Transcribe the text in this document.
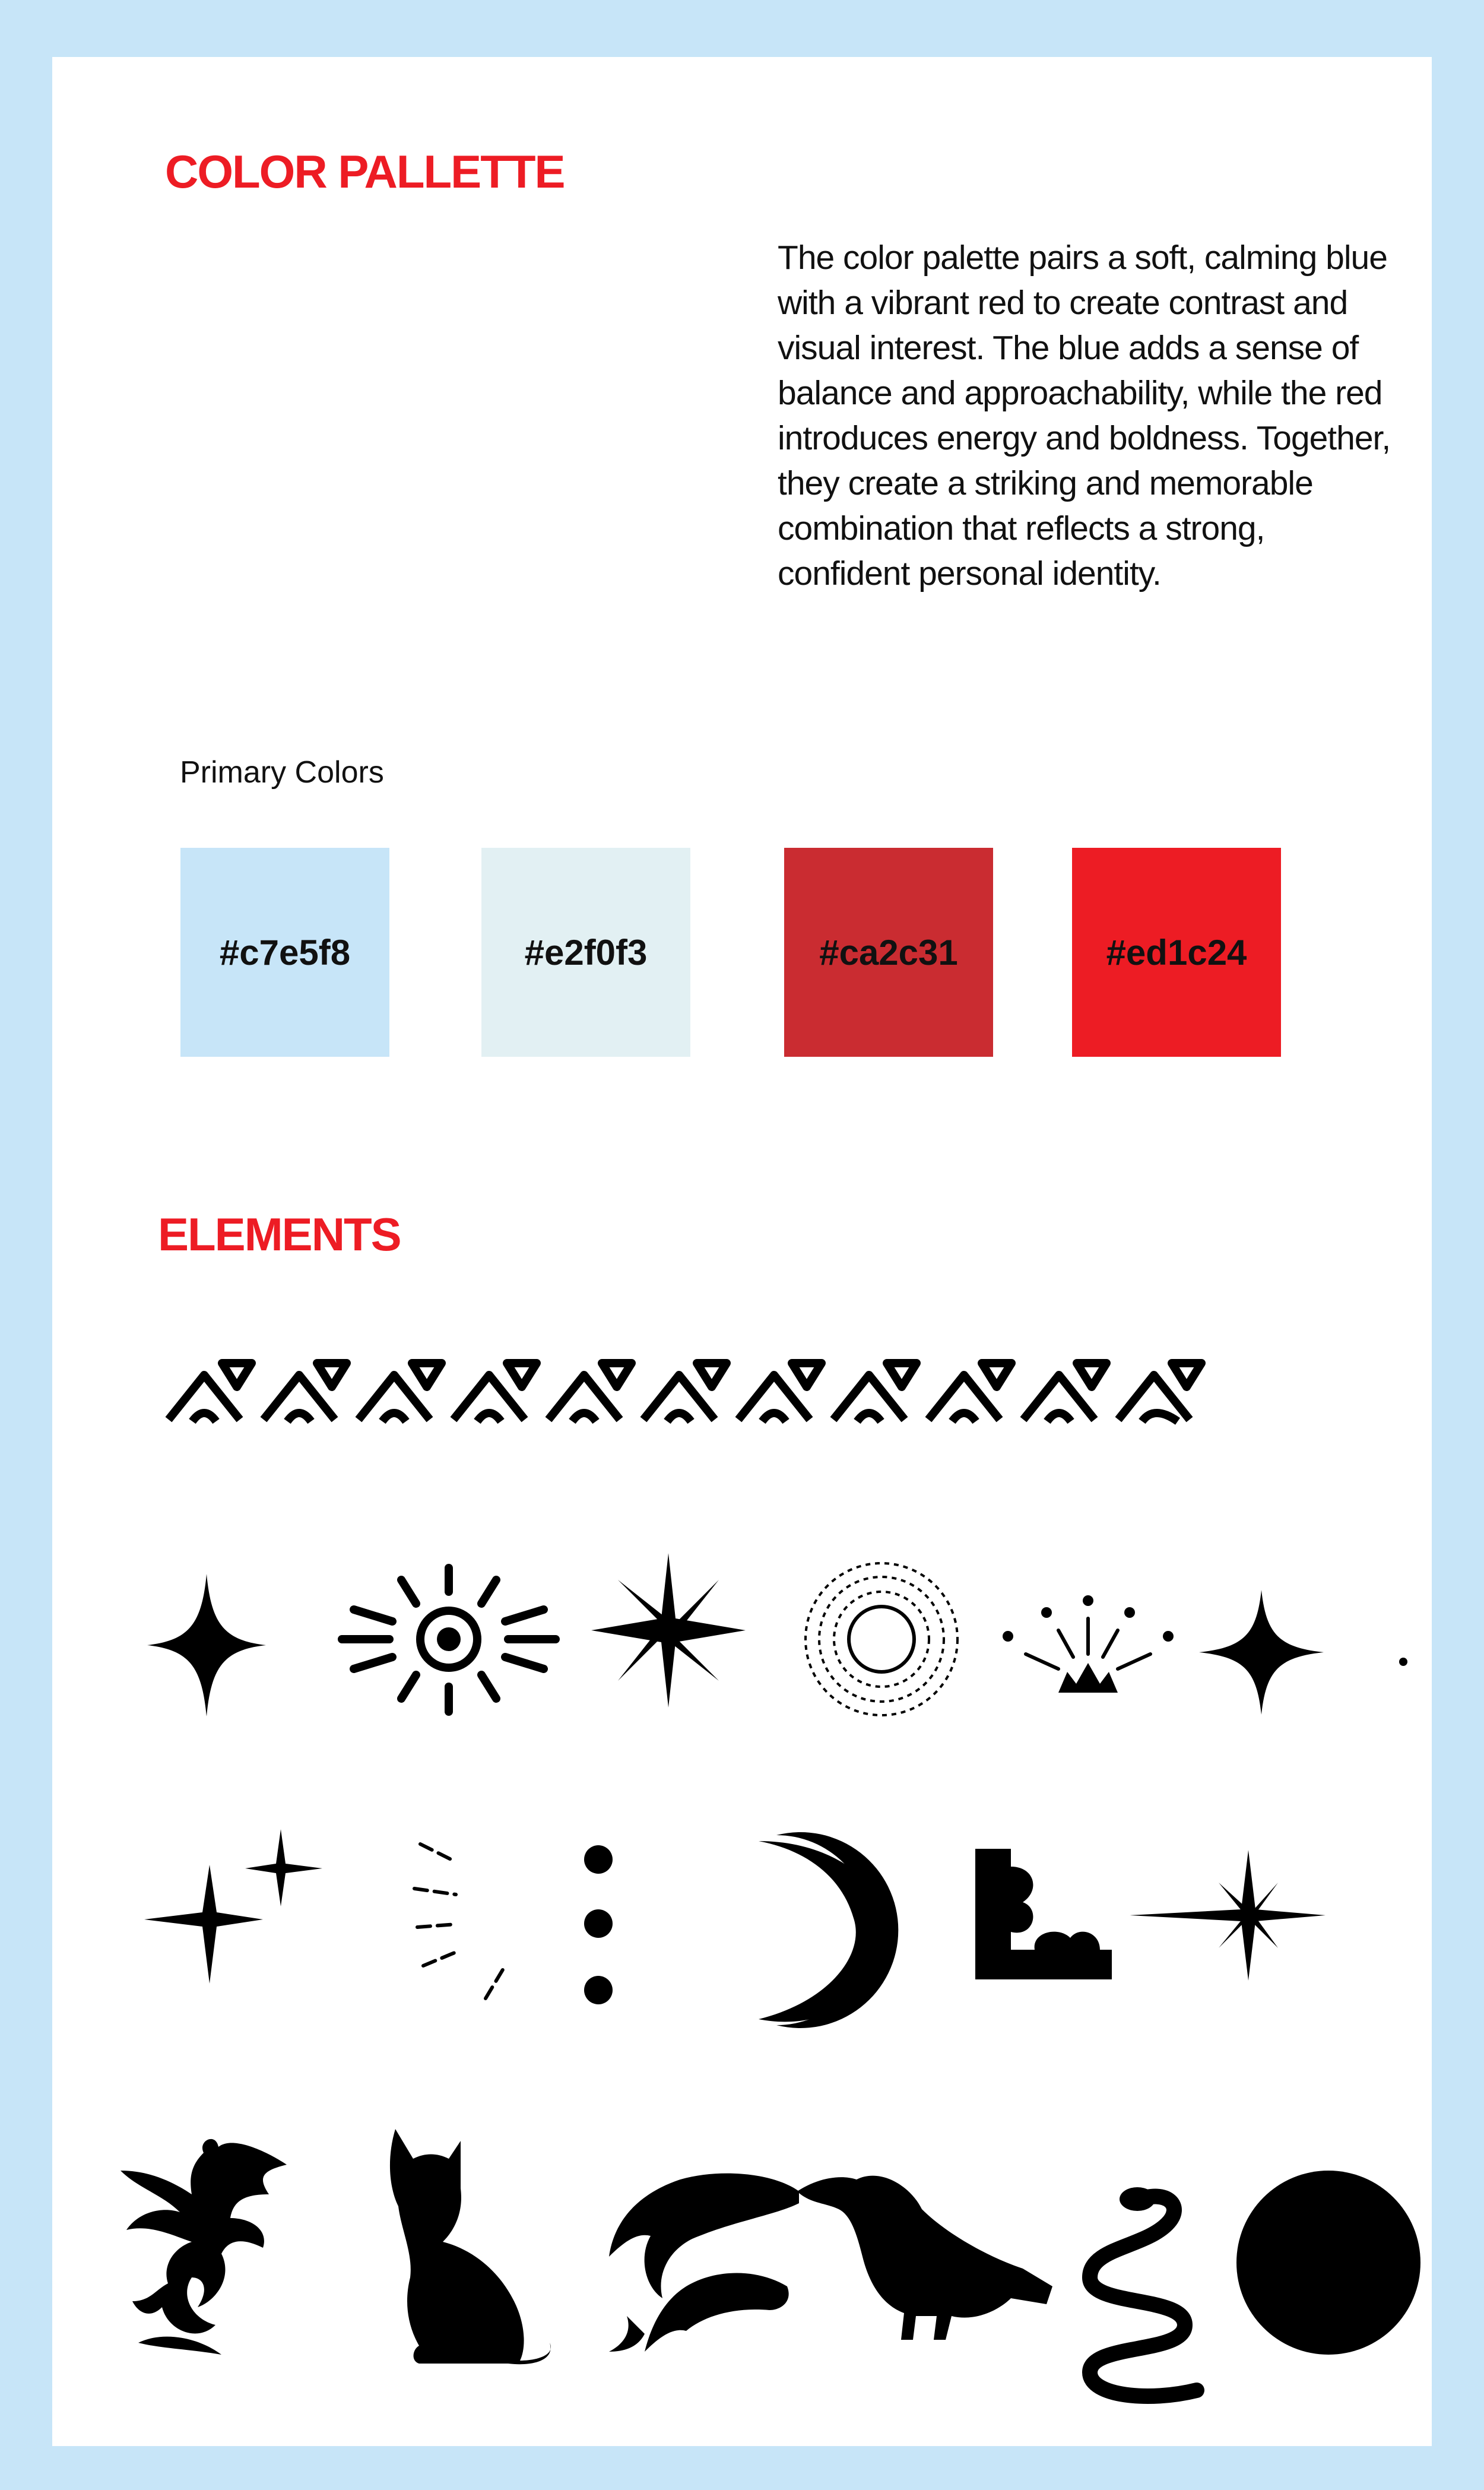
COLOR PALLETTE
The color palette pairs a soft, calming blue with a vibrant red to create contrast and visual interest. The blue adds a sense of balance and approachability, while the red introduces energy and boldness. Together, they create a striking and memorable combination that reflects a strong, confident personal identity.
Primary Colors
#c7e5f8	#e2f0f3	#ca2c31	#ed1c24
ELEMENTS
